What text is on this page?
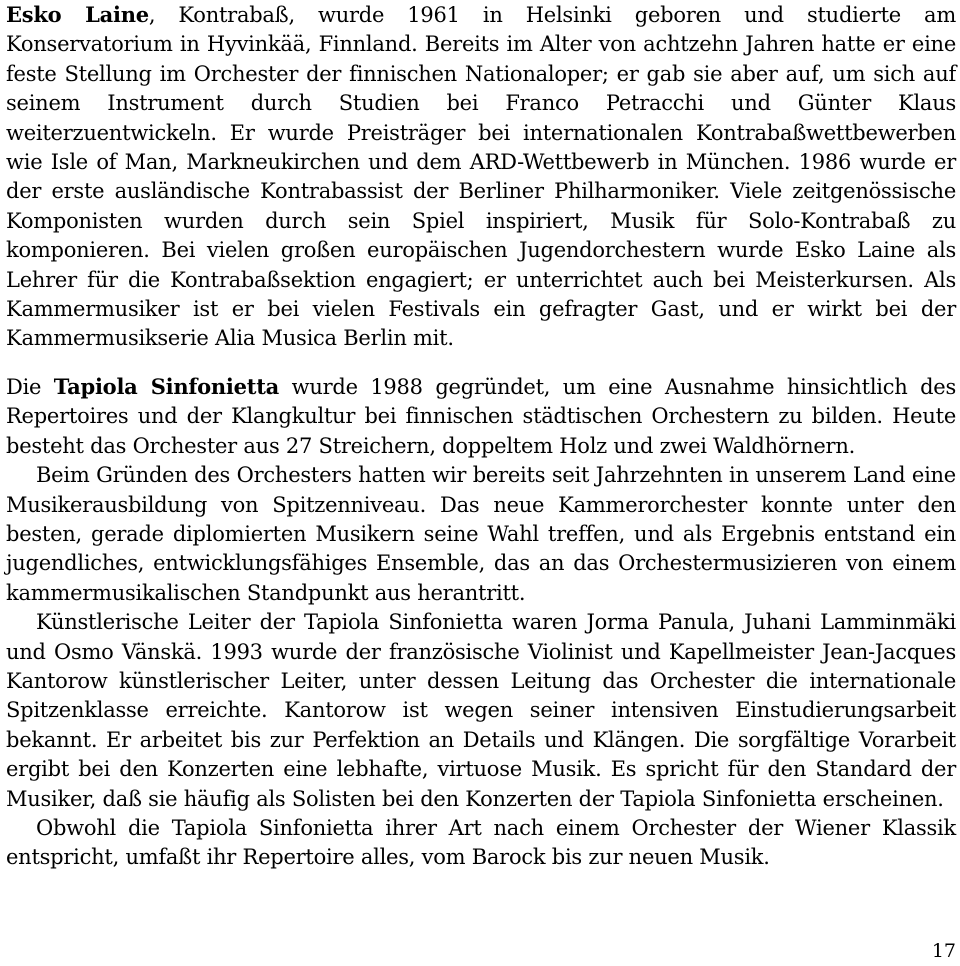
Esko Laine, Kontrabaß, wurde 1961 in Helsinki geboren und studierte am Konservatorium in Hyvinkää, Finnland. Bereits im Alter von achtzehn Jahren hatte er eine feste Stellung im Orchester der finnischen Nationaloper; er gab sie aber auf, um sich auf seinem Instrument durch Studien bei Franco Petracchi und Günter Klaus weiterzuentwickeln. Er wurde Preisträger bei internationalen Kontrabaßwettbewerben wie Isle of Man, Markneukirchen und dem ARD-Wettbewerb in München. 1986 wurde er der erste ausländische Kontrabassist der Berliner Philharmoniker. Viele zeitgenössische Komponisten wurden durch sein Spiel inspiriert, Musik für Solo-Kontrabaß zu komponieren. Bei vielen großen europäischen Jugendorchestern wurde Esko Laine als Lehrer für die Kontrabaßsektion engagiert; er unterrichtet auch bei Meisterkursen. Als Kammermusiker ist er bei vielen Festivals ein gefragter Gast, und er wirkt bei der Kammermusikserie Alia Musica Berlin mit.

Die Tapiola Sinfonietta wurde 1988 gegründet, um eine Ausnahme hinsichtlich des Repertoires und der Klangkultur bei finnischen städtischen Orchestern zu bilden. Heute besteht das Orchester aus 27 Streichern, doppeltem Holz und zwei Waldhörnern.

Beim Gründen des Orchesters hatten wir bereits seit Jahrzehnten in unserem Land eine Musikerausbildung von Spitzenniveau. Das neue Kammerorchester konnte unter den besten, gerade diplomierten Musikern seine Wahl treffen, und als Ergebnis entstand ein jugendliches, entwicklungsfähiges Ensemble, das an das Orchestermusizieren von einem kammermusikalischen Standpunkt aus herantritt.

Künstlerische Leiter der Tapiola Sinfonietta waren Jorma Panula, Juhani Lamminmäki und Osmo Vänskä. 1993 wurde der französische Violinist und Kapellmeister Jean-Jacques Kantorow künstlerischer Leiter, unter dessen Leitung das Orchester die internationale Spitzenklasse erreichte. Kantorow ist wegen seiner intensiven Einstudierungsarbeit bekannt. Er arbeitet bis zur Perfektion an Details und Klängen. Die sorgfältige Vorarbeit ergibt bei den Konzerten eine lebhafte, virtuose Musik. Es spricht für den Standard der Musiker, daß sie häufig als Solisten bei den Konzerten der Tapiola Sinfonietta erscheinen.

Obwohl die Tapiola Sinfonietta ihrer Art nach einem Orchester der Wiener Klassik entspricht, umfaßt ihr Repertoire alles, vom Barock bis zur neuen Musik.

17
